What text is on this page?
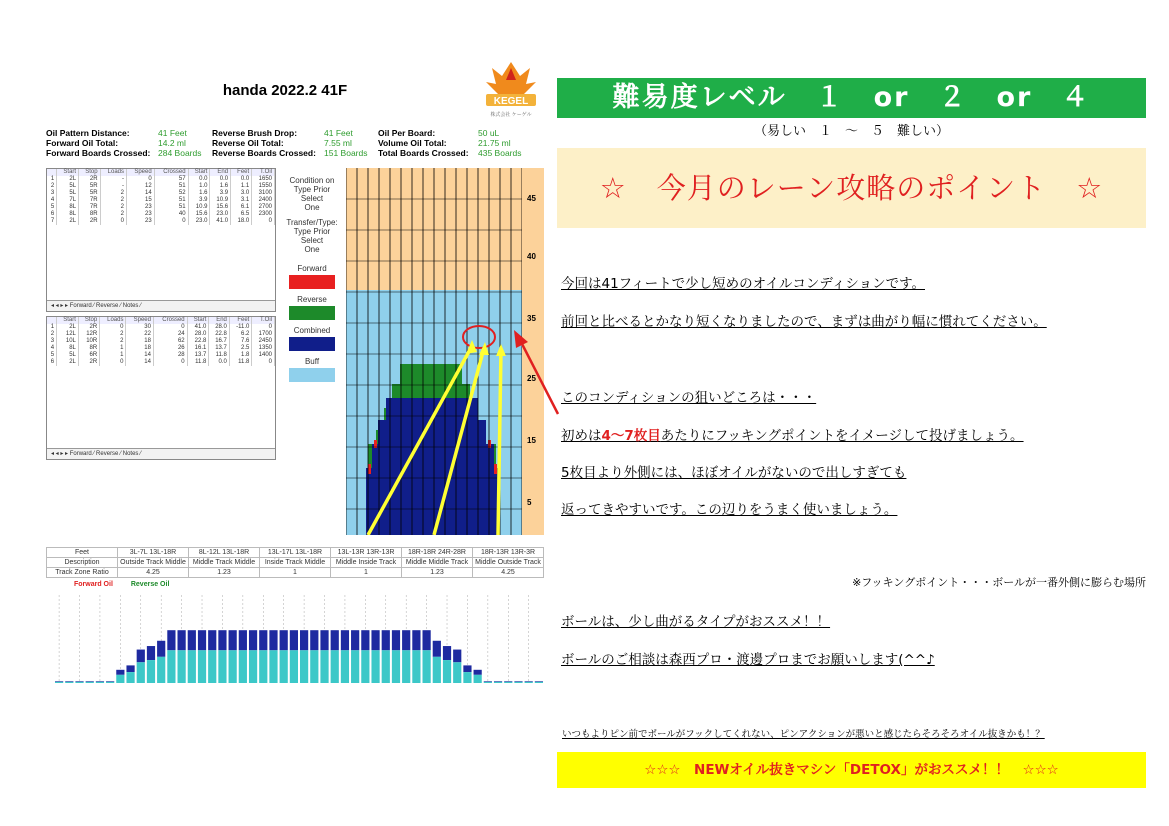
handa 2022.2 41F
KEGEL
株式会社 ケーゲル
Oil Pattern Distance:	41 Feet	Reverse Brush Drop:	41 Feet	Oil Per Board:	50 uL
Forward Oil Total:	14.2 ml	Reverse Oil Total:	7.55 ml	Volume Oil Total:	21.75 ml
Forward Boards Crossed: 284 Boards Reverse Boards Crossed: 151 Boards Total Boards Crossed:	435 Boards
	Start	Stop	Loads	Speed	Crossed	Start	End	Feet	T.Oil
1	2L	2R	-	0	57	0.0	0.0	0.0	1650
2	5L	5R	-	12	51	1.0	1.6	1.1	1550
3	5L	5R	2	14	52	1.6	3.9	3.0	3100
4	7L	7R	2	15	51	3.9	10.9	3.1	2400
5	8L	7R	2	23	51	10.9	15.6	6.1	2700
6	8L	8R	2	23	40	15.6	23.0	6.5	2300
7	2L	2R	0	23	0	23.0	41.0	18.0	0
◂ ◂ ▸ ▸ Forward ⁄ Reverse ⁄ Notes ⁄
	Start	Stop	Loads	Speed	Crossed	Start	End	Feet	T.Oil
1	2L	2R	0	30	0	41.0	28.0	-11.0	0
2	12L	12R	2	22	24	28.0	22.8	6.2	1700
3	10L	10R	2	18	62	22.8	16.7	7.6	2450
4	8L	8R	1	18	26	16.1	13.7	2.5	1350
5	5L	6R	1	14	28	13.7	11.8	1.8	1400
6	2L	2R	0	14	0	11.8	0.0	11.8	0
◂ ◂ ▸ ▸ Forward ⁄ Reverse ⁄ Notes ⁄
Condition on
Type Prior Select
One
Transfer/Type:
Type Prior Select
One
Forward
Reverse
Combined
Buff
45
40
35
25
15
5
Feet	3L-7L 13L-18R	8L-12L 13L-18R	13L-17L 13L-18R	13L-13R 13R-13R	18R-18R 24R-28R	18R-13R 13R-3R
Description	Outside Track Middle	Middle Track Middle	Inside Track Middle	Middle Inside Track	Middle Middle Track	Middle Outside Track
Track Zone Ratio	4.25	1.23	1	1	1.23	4.25
Forward Oil	Reverse Oil
難易度レベル　１　or　２　or　４
（易しい　１　～　５　難しい）
☆　今月のレーン攻略のポイント　☆
今回は41フィートで少し短めのオイルコンディションです。
前回と比べるとかなり短くなりましたので、まずは曲がり幅に慣れてください。
このコンディションの狙いどころは・・・
初めは4～7枚目あたりにフッキングポイントをイメージして投げましょう。
5枚目より外側には、ほぼオイルがないので出しすぎても
返ってきやすいです。この辺りをうまく使いましょう。
※フッキングポイント・・・ボールが一番外側に膨らむ場所
ボールは、少し曲がるタイプがおススメ！！
ボールのご相談は森西プロ・渡邊プロまでお願いします(^^♪
いつもよりピン前でボールがフックしてくれない、ピンアクションが悪いと感じたらそろそろオイル抜きかも！？
☆☆☆　NEWオイル抜きマシン「DETOX」がおススメ！！　☆☆☆
